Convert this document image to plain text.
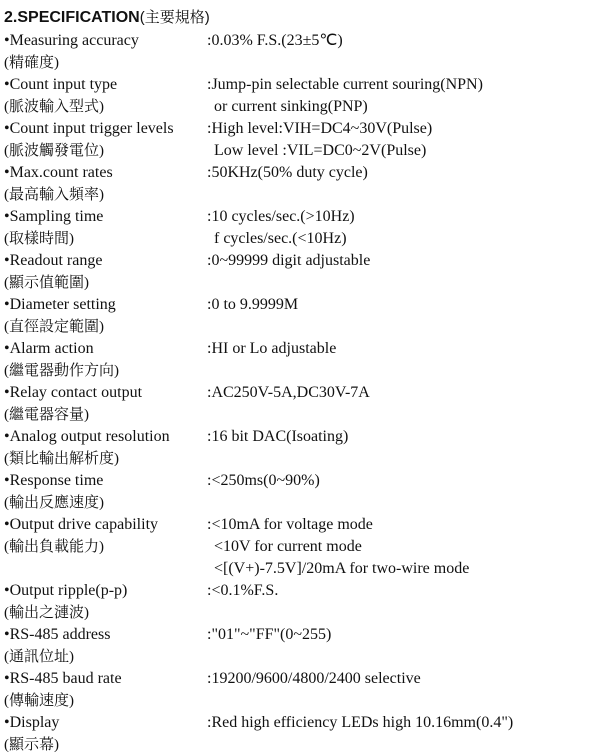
2.SPECIFICATION(主要規格)
•Measuring accuracy	:0.03% F.S.(23±5℃)
(精確度)
•Count input type	:Jump-pin selectable current souring(NPN)
(脈波輸入型式)	or current sinking(PNP)
•Count input trigger levels :High level:VIH=DC4~30V(Pulse)
(脈波觸發電位)	Low level :VIL=DC0~2V(Pulse)
•Max.count rates	:50KHz(50% duty cycle)
(最高輸入頻率)
•Sampling time	:10 cycles/sec.(>10Hz)
(取樣時間)	f cycles/sec.(<10Hz)
•Readout range	:0~99999 digit adjustable
(顯示值範圍)
•Diameter setting	:0 to 9.9999M
(直徑設定範圍)
•Alarm action	:HI or Lo adjustable
(繼電器動作方向)
•Relay contact output	:AC250V-5A,DC30V-7A
(繼電器容量)
•Analog output resolution :16 bit DAC(Isoating)
(類比輸出解析度)
•Response time	:<250ms(0~90%)
(輸出反應速度)
•Output drive capability	:<10mA for voltage mode
(輸出負載能力)	<10V for current mode
<[(V+)-7.5V]/20mA for two-wire mode
•Output ripple(p-p)	:<0.1%F.S.
(輸出之漣波)
•RS-485 address	:"01"~"FF"(0~255)
(通訊位址)
•RS-485 baud rate	:19200/9600/4800/2400 selective
(傳輸速度)
•Display	:Red high efficiency LEDs high 10.16mm(0.4")
(顯示幕)
